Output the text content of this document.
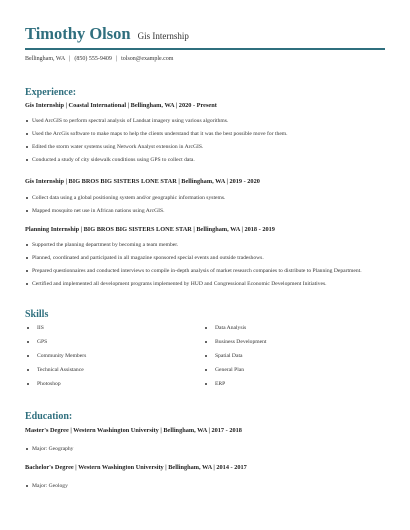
Timothy Olson Gis Internship
Bellingham, WA | (850) 555-9409 | tolson@example.com
Experience:
Gis Internship | Coastal International | Bellingham, WA | 2020 - Present
Used ArcGIS to perform spectral analysis of Landsat imagery using various algorithms.
Used the ArcGis software to make maps to help the clients understand that it was the best possible move for them.
Edited the storm water systems using Network Analyst extension in ArcGIS.
Conducted a study of city sidewalk conditions using GPS to collect data.
Gis Internship | BIG BROS BIG SISTERS LONE STAR | Bellingham, WA | 2019 - 2020
Collect data using a global positioning system and/or geographic information systems.
Mapped mosquito net use in African nations using ArcGIS.
Planning Internship | BIG BROS BIG SISTERS LONE STAR | Bellingham, WA | 2018 - 2019
Supported the planning department by becoming a team member.
Planned, coordinated and participated in all magazine sponsored special events and outside tradeshows.
Prepared questionnaires and conducted interviews to compile in-depth analysis of market research companies to distribute to Planning Department.
Certified and implemented all development programs implemented by HUD and Congressional Economic Development Initiatives.
Skills
IIS	Data Analysis
GPS	Business Development
Community Members	Spatial Data
Technical Assistance	General Plan
Photoshop	ERP
Education:
Master's Degree | Western Washington University | Bellingham, WA | 2017 - 2018
Major: Geography
Bachelor's Degree | Western Washington University | Bellingham, WA | 2014 - 2017
Major: Geology
